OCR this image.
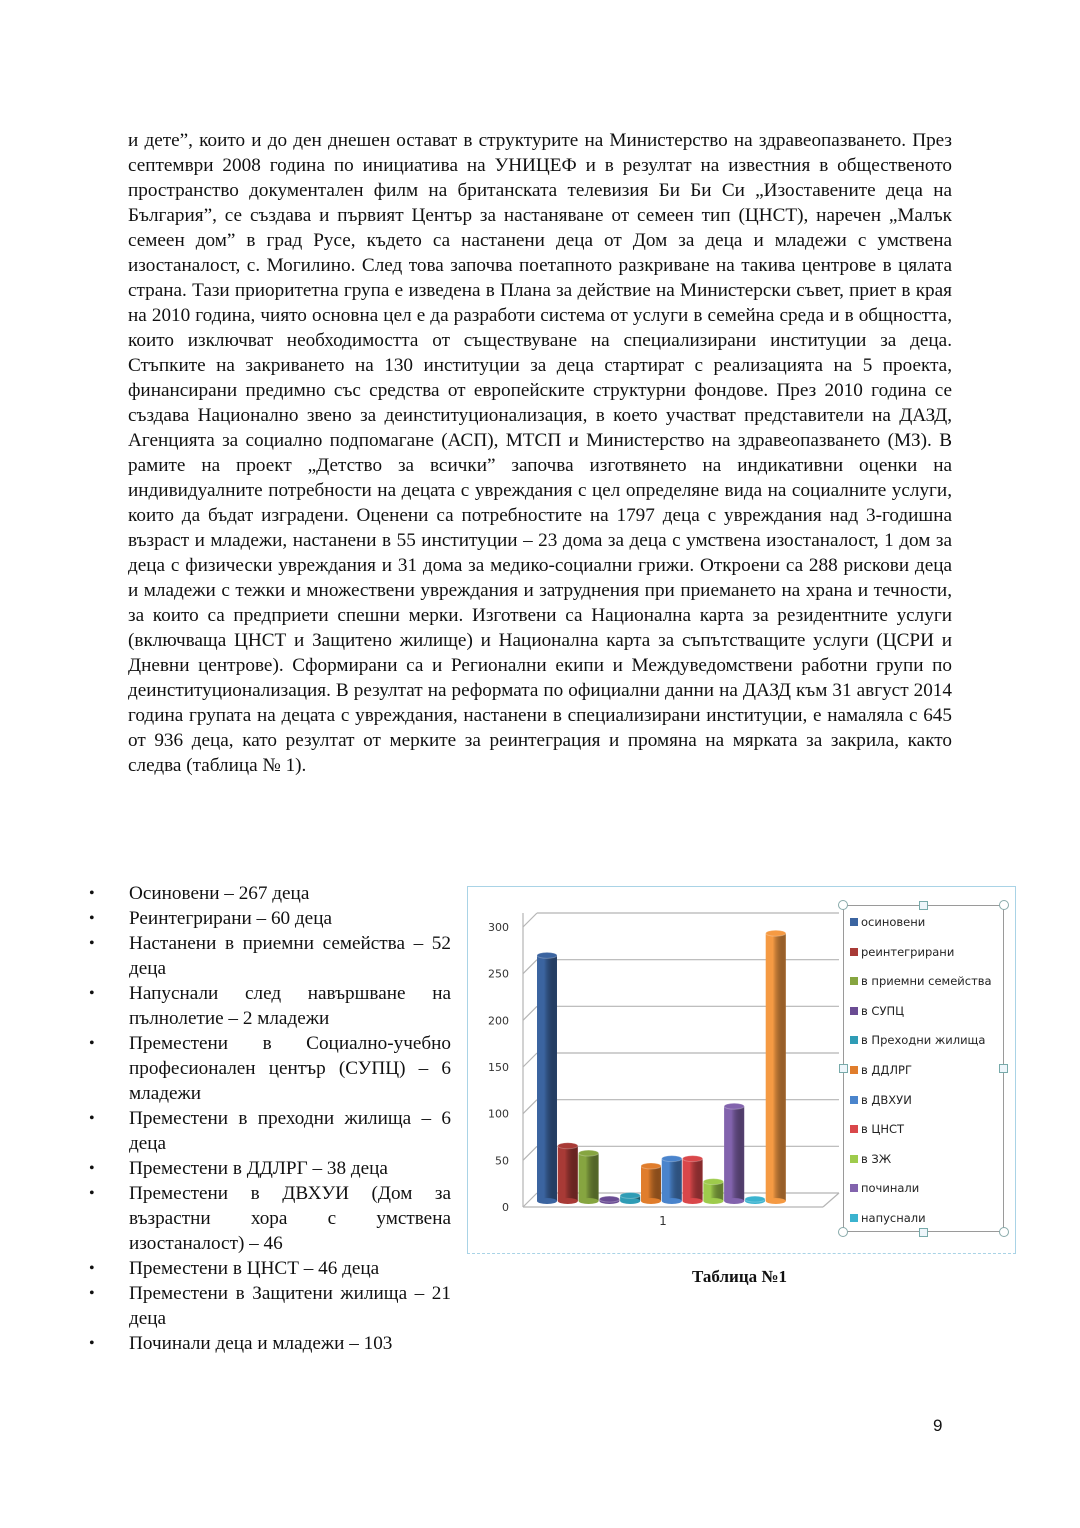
и дете”, които и до ден днешен остават в структурите на Министерство на здравеопазването. През септември 2008 година по инициатива на УНИЦЕФ и в резултат на известния в общественото пространство документален филм на британската телевизия Би Би Си „Изоставените деца на България”, се създава и първият Център за настаняване от семеен тип (ЦНСТ), наречен „Малък семеен дом” в град Русе, където са настанени деца от Дом за деца и младежи с умствена изостаналост, с. Могилино. След това започва поетапното разкриване на такива центрове в цялата страна. Тази приоритетна група е изведена в Плана за действие на Министерски съвет, приет в края на 2010 година, чиято основна цел е да разработи система от услуги в семейна среда и в общността, които изключват необходимостта от съществуване на специализирани институции за деца. Стъпките на закриването на 130 институции за деца стартират с реализацията на 5 проекта, финансирани предимно със средства от европейските структурни фондове. През 2010 година се създава Национално звено за деинституционализация, в което участват представители на ДАЗД, Агенцията за социално подпомагане (АСП), МТСП и Министерство на здравеопазването (МЗ). В рамите на проект „Детство за всички” започва изготвянето на индикативни оценки на индивидуалните потребности на децата с увреждания с цел определяне вида на социалните услуги, които да бъдат изградени. Оценени са потребностите на 1797 деца с увреждания над 3-годишна възраст и младежи, настанени в 55 институции – 23 дома за деца с умствена изостаналост, 1 дом за деца с физически увреждания и 31 дома за медико-социални грижи. Откроени са 288 рискови деца и младежи с тежки и множествени увреждания и затруднения при приемането на храна и течности, за които са предприети спешни мерки. Изготвени са Национална карта за резидентните услуги (включваща ЦНСТ и Защитено жилище) и Национална карта за съпътстващите услуги (ЦСРИ и Дневни центрове). Сформирани са и Регионални екипи и Междуведомствени работни групи по деинституционализация. В резултат на реформата по официални данни на ДАЗД към 31 август 2014 година групата на децата с увреждания, настанени в специализирани институции, е намаляла с 645 от 936 деца, като резултат от мерките за реинтеграция и промяна на мярката за закрила, както следва (таблица № 1).

• Осиновени – 267 деца
• Реинтегрирани – 60 деца
• Настанени в приемни семейства – 52 деца
• Напуснали след навършване на пълнолетие – 2 младежи
• Преместени в Социално-учебно професионален център (СУПЦ) – 6 младежи
• Преместени в преходни жилища – 6 деца
• Преместени в ДДЛРГ – 38 деца
• Преместени в ДВХУИ (Дом за възрастни хора с умствена изостаналост) – 46
• Преместени в ЦНСТ – 46 деца
• Преместени в Защитени жилища – 21 деца
• Починали деца и младежи – 103
0
50
100
150
200
250
300
1
осиновени
реинтегрирани
в приемни семейства
в СУПЦ
в Преходни жилища
в ДДЛРГ
в ДВХУИ
в ЦНСТ
в ЗЖ
починали
напуснали
Таблица №1
9
